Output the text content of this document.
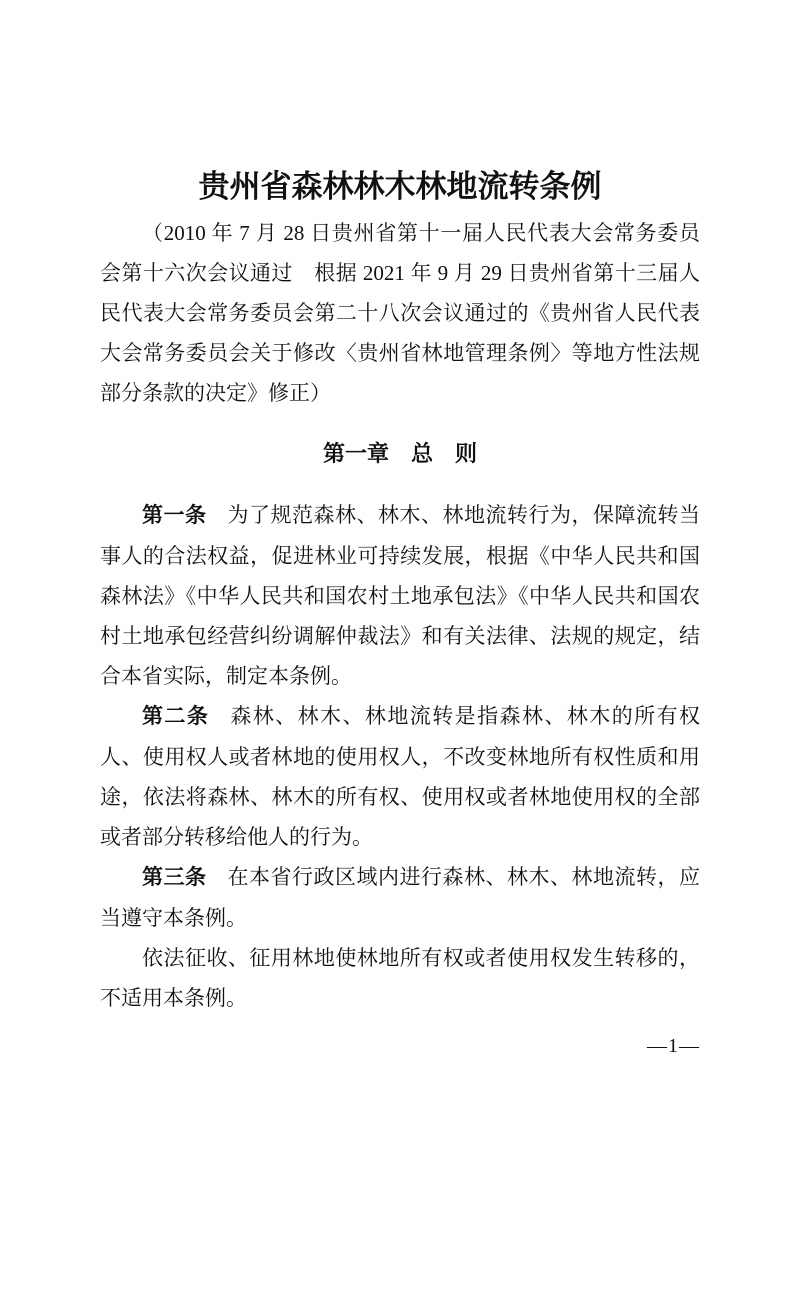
贵州省森林林木林地流转条例

（2010 年 7 月 28 日贵州省第十一届人民代表大会常务委员会第十六次会议通过　根据 2021 年 9 月 29 日贵州省第十三届人民代表大会常务委员会第二十八次会议通过的《贵州省人民代表大会常务委员会关于修改〈贵州省林地管理条例〉等地方性法规部分条款的决定》修正）

第一章　总　则

第一条 为了规范森林、林木、林地流转行为，保障流转当事人的合法权益，促进林业可持续发展，根据《中华人民共和国森林法》《中华人民共和国农村土地承包法》《中华人民共和国农村土地承包经营纠纷调解仲裁法》和有关法律、法规的规定，结合本省实际，制定本条例。

第二条 森林、林木、林地流转是指森林、林木的所有权人、使用权人或者林地的使用权人，不改变林地所有权性质和用途，依法将森林、林木的所有权、使用权或者林地使用权的全部或者部分转移给他人的行为。

第三条 在本省行政区域内进行森林、林木、林地流转，应当遵守本条例。

依法征收、征用林地使林地所有权或者使用权发生转移的，不适用本条例。

—1—
